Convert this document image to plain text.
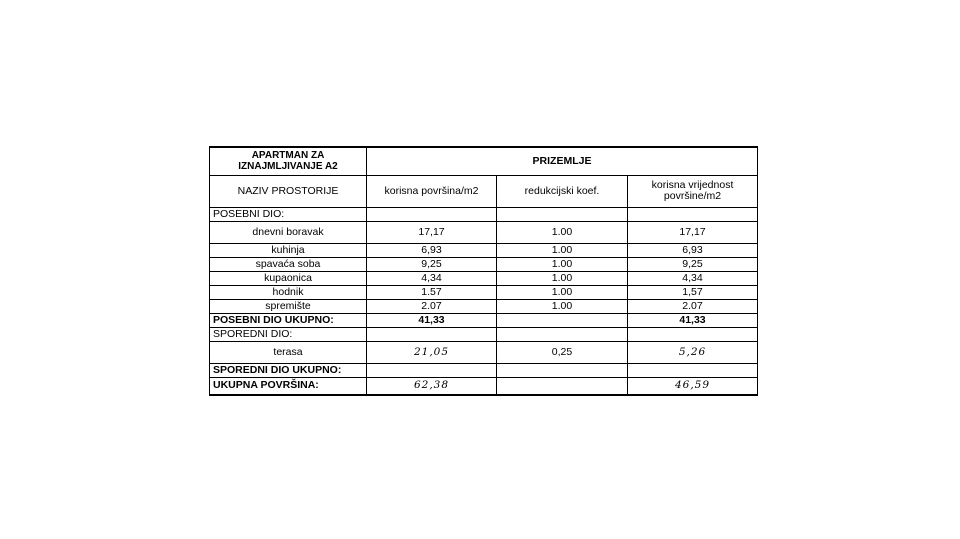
APARTMAN ZA IZNAJMLJIVANJE A2	PRIZEMLJE		
NAZIV PROSTORIJE	korisna površina/m2	redukcijski koef.	korisna vrijednost površine/m2
POSEBNI DIO:			
dnevni boravak	17,17	1.00	17,17
kuhinja	6,93	1.00	6,93
spavaća soba	9,25	1.00	9,25
kupaonica	4,34	1.00	4,34
hodnik	1.57	1.00	1,57
spremište	2.07	1.00	2.07
POSEBNI DIO UKUPNO:	41,33		41,33
SPOREDNI DIO:			
terasa	21,05	0,25	5,26
SPOREDNI DIO UKUPNO:			
UKUPNA POVRŠINA:	62,38		46,59
